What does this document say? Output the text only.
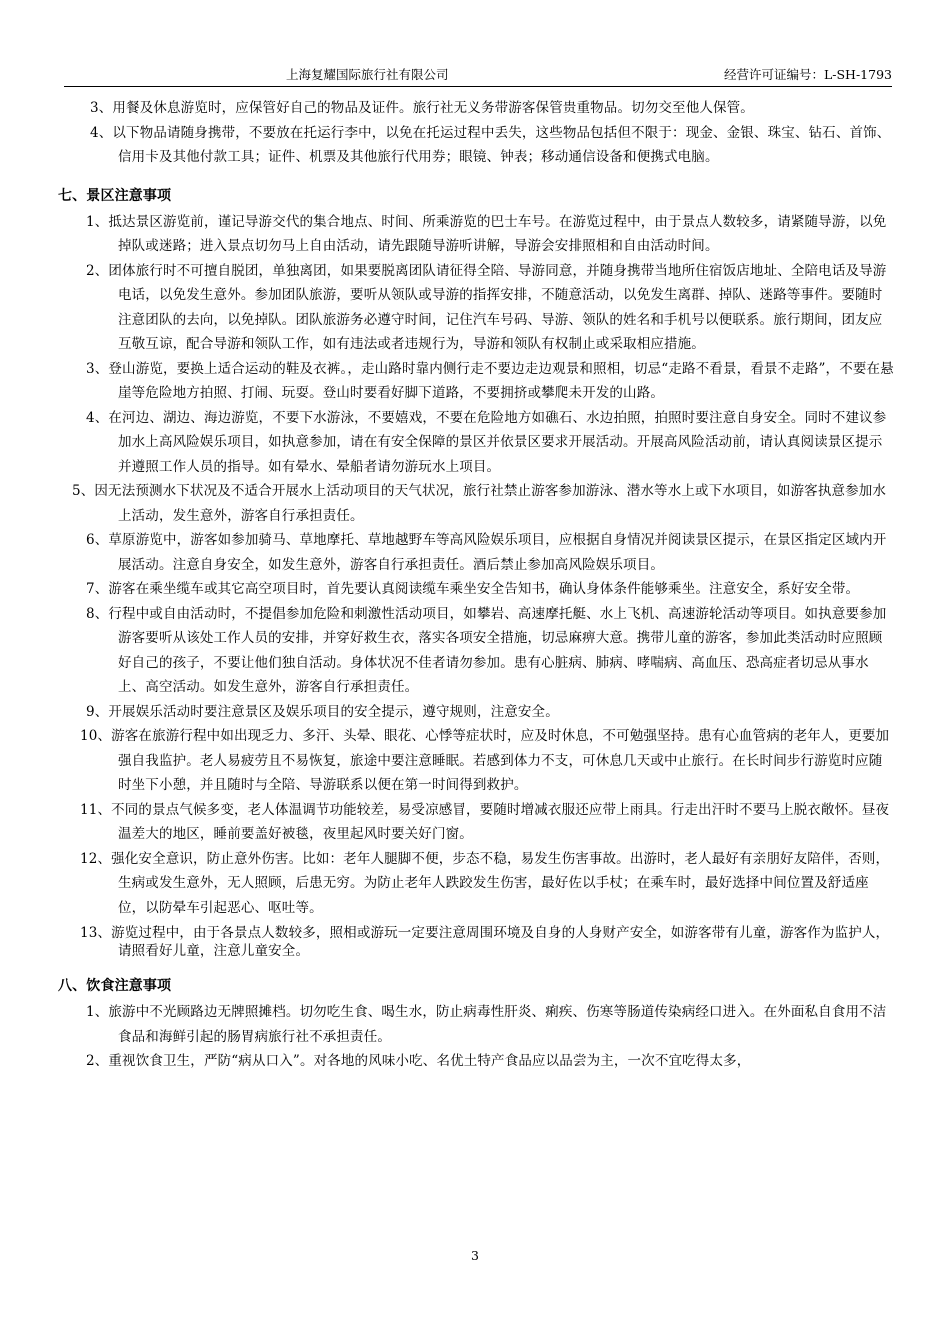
上海复耀国际旅行社有限公司	经营许可证编号：L-SH-1793

3、用餐及休息游览时，应保管好自己的物品及证件。旅行社无义务带游客保管贵重物品。切勿交至他人保管。

4、以下物品请随身携带，不要放在托运行李中，以免在托运过程中丢失，这些物品包括但不限于：现金、金银、珠宝、钻石、首饰、信用卡及其他付款工具；证件、机票及其他旅行代用券；眼镜、钟表；移动通信设备和便携式电脑。

七、景区注意事项

1、抵达景区游览前，谨记导游交代的集合地点、时间、所乘游览的巴士车号。在游览过程中，由于景点人数较多，请紧随导游，以免掉队或迷路；进入景点切勿马上自由活动，请先跟随导游听讲解，导游会安排照相和自由活动时间。

2、团体旅行时不可擅自脱团，单独离团，如果要脱离团队请征得全陪、导游同意，并随身携带当地所住宿饭店地址、全陪电话及导游电话，以免发生意外。参加团队旅游，要听从领队或导游的指挥安排，不随意活动，以免发生离群、掉队、迷路等事件。要随时注意团队的去向，以免掉队。团队旅游务必遵守时间，记住汽车号码、导游、领队的姓名和手机号以便联系。旅行期间，团友应互敬互谅，配合导游和领队工作，如有违法或者违规行为，导游和领队有权制止或采取相应措施。

3、登山游览，要换上适合运动的鞋及衣裤。，走山路时靠内侧行走不要边走边观景和照相，切忌“走路不看景，看景不走路”，不要在悬崖等危险地方拍照、打闹、玩耍。登山时要看好脚下道路，不要拥挤或攀爬未开发的山路。

4、在河边、湖边、海边游览，不要下水游泳，不要嬉戏，不要在危险地方如礁石、水边拍照，拍照时要注意自身安全。同时不建议参加水上高风险娱乐项目，如执意参加，请在有安全保障的景区并依景区要求开展活动。开展高风险活动前，请认真阅读景区提示并遵照工作人员的指导。如有晕水、晕船者请勿游玩水上项目。

5、因无法预测水下状况及不适合开展水上活动项目的天气状况，旅行社禁止游客参加游泳、潜水等水上或下水项目，如游客执意参加水上活动，发生意外，游客自行承担责任。

6、草原游览中，游客如参加骑马、草地摩托、草地越野车等高风险娱乐项目，应根据自身情况并阅读景区提示，在景区指定区域内开展活动。注意自身安全，如发生意外，游客自行承担责任。酒后禁止参加高风险娱乐项目。

7、游客在乘坐缆车或其它高空项目时，首先要认真阅读缆车乘坐安全告知书，确认身体条件能够乘坐。注意安全，系好安全带。

8、行程中或自由活动时，不提倡参加危险和刺激性活动项目，如攀岩、高速摩托艇、水上飞机、高速游轮活动等项目。如执意要参加游客要听从该处工作人员的安排，并穿好救生衣，落实各项安全措施，切忌麻痹大意。携带儿童的游客，参加此类活动时应照顾好自己的孩子，不要让他们独自活动。身体状况不佳者请勿参加。患有心脏病、肺病、哮喘病、高血压、恐高症者切忌从事水上、高空活动。如发生意外，游客自行承担责任。

9、开展娱乐活动时要注意景区及娱乐项目的安全提示，遵守规则，注意安全。

10、游客在旅游行程中如出现乏力、多汗、头晕、眼花、心悸等症状时，应及时休息，不可勉强坚持。患有心血管病的老年人，更要加强自我监护。老人易疲劳且不易恢复，旅途中要注意睡眠。若感到体力不支，可休息几天或中止旅行。在长时间步行游览时应随时坐下小憩，并且随时与全陪、导游联系以便在第一时间得到救护。

11、不同的景点气候多变，老人体温调节功能较差，易受凉感冒，要随时增减衣服还应带上雨具。行走出汗时不要马上脱衣敞怀。昼夜温差大的地区，睡前要盖好被毯，夜里起风时要关好门窗。

12、强化安全意识，防止意外伤害。比如：老年人腿脚不便，步态不稳，易发生伤害事故。出游时，老人最好有亲朋好友陪伴，否则，生病或发生意外，无人照顾，后患无穷。为防止老年人跌跤发生伤害，最好佐以手杖；在乘车时，最好选择中间位置及舒适座位，以防晕车引起恶心、呕吐等。

13、游览过程中，由于各景点人数较多，照相或游玩一定要注意周围环境及自身的人身财产安全，如游客带有儿童，游客作为监护人，请照看好儿童，注意儿童安全。

八、饮食注意事项

1、旅游中不光顾路边无牌照摊档。切勿吃生食、喝生水，防止病毒性肝炎、痢疾、伤寒等肠道传染病经口进入。在外面私自食用不洁食品和海鲜引起的肠胃病旅行社不承担责任。

2、重视饮食卫生，严防“病从口入”。对各地的风味小吃、名优土特产食品应以品尝为主，一次不宜吃得太多，

3
